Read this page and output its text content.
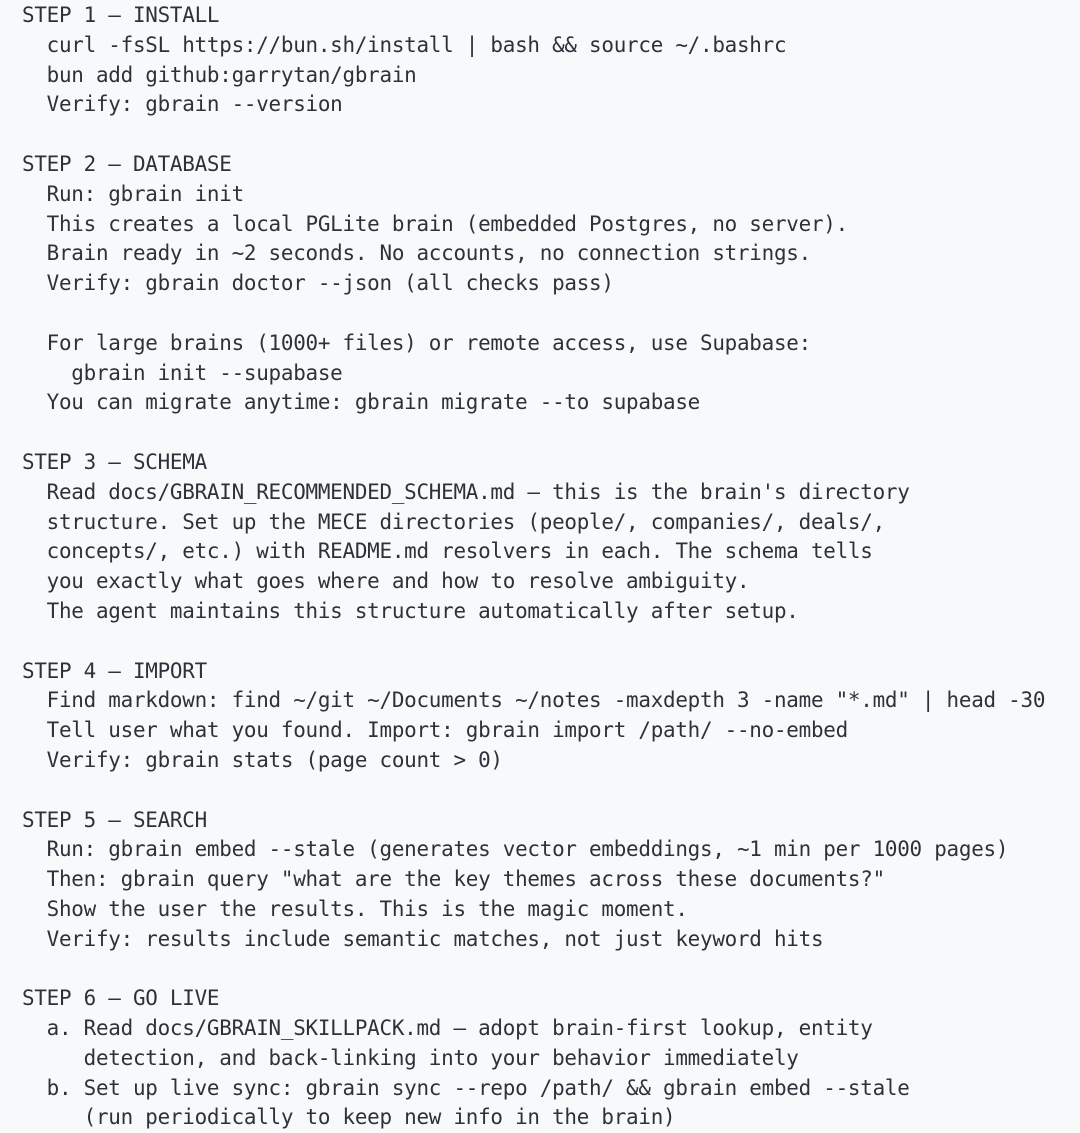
STEP 1 — INSTALL
curl -fsSL https://bun.sh/install | bash && source ~/.bashrc
bun add github:garrytan/gbrain
Verify: gbrain --version
STEP 2 — DATABASE
Run: gbrain init
This creates a local PGLite brain (embedded Postgres, no server).
Brain ready in ~2 seconds. No accounts, no connection strings.
Verify: gbrain doctor --json (all checks pass)
For large brains (1000+ files) or remote access, use Supabase:
gbrain init --supabase
You can migrate anytime: gbrain migrate --to supabase
STEP 3 — SCHEMA
Read docs/GBRAIN_RECOMMENDED_SCHEMA.md — this is the brain's directory
structure. Set up the MECE directories (people/, companies/, deals/,
concepts/, etc.) with README.md resolvers in each. The schema tells
you exactly what goes where and how to resolve ambiguity.
The agent maintains this structure automatically after setup.
STEP 4 — IMPORT
Find markdown: find ~/git ~/Documents ~/notes -maxdepth 3 -name "*.md" | head -30
Tell user what you found. Import: gbrain import /path/ --no-embed
Verify: gbrain stats (page count > 0)
STEP 5 — SEARCH
Run: gbrain embed --stale (generates vector embeddings, ~1 min per 1000 pages)
Then: gbrain query "what are the key themes across these documents?"
Show the user the results. This is the magic moment.
Verify: results include semantic matches, not just keyword hits
STEP 6 — GO LIVE
a. Read docs/GBRAIN_SKILLPACK.md — adopt brain-first lookup, entity
detection, and back-linking into your behavior immediately
b. Set up live sync: gbrain sync --repo /path/ && gbrain embed --stale
(run periodically to keep new info in the brain)
